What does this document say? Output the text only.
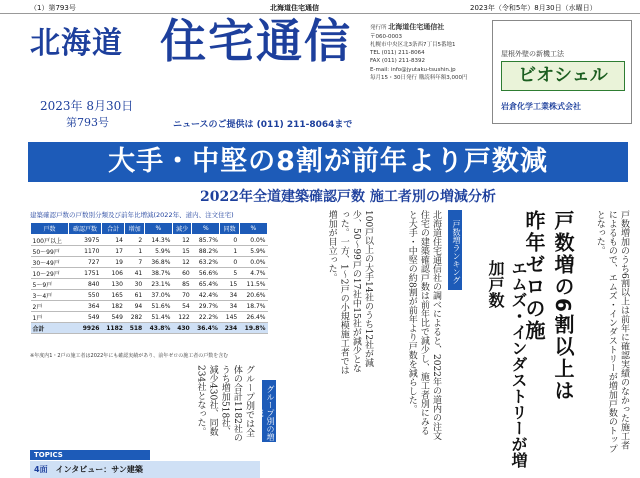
（1）第793号	北海道住宅通信	2023年（令和5年）8月30日（水曜日）
北海道 住宅通信
2023年 8月30日
第793号	ニュースのご提供は (011) 211-8064まで
発行所 北海道住宅通信社
〒060-0003
札幌市中央区北3条西7丁目5番地1
TEL (011) 211-8064
FAX (011) 211-8392
E-mail: info@jyutaku-tsushin.jp
毎月15・30日発行 購読料年額3,000円
屋根外壁の新機工法
ビオシェル
岩倉化学工業株式会社
大手・中堅の8割が前年より戸数減
2022年全道建築確認戸数 施工者別の増減分析
建築確認戸数の戸数別分類及び前年比増減(2022年、道内、注文住宅)
戸数	確認戸数	合計	増加	%	減少	%	同数	%
100戸以上	3975	14	2	14.3%	12	85.7%	0	0.0%
50〜99戸	1170	17	1	5.9%	15	88.2%	1	5.9%
30〜49戸	727	19	7	36.8%	12	63.2%	0	0.0%
10〜29戸	1751	106	41	38.7%	60	56.6%	5	4.7%
5〜9戸	840	130	30	23.1%	85	65.4%	15	11.5%
3〜4戸	550	165	61	37.0%	70	42.4%	34	20.6%
2戸	364	182	94	51.6%	54	29.7%	34	18.7%
1戸	549	549	282	51.4%	122	22.2%	145	26.4%
合計	9926	1182	518	43.8%	430	36.4%	234	19.8%
※年度内1・2戸の施工者は2022年にも確認実績があり、前年ゼロの施工者の戸数を含む	北海道住宅通信社の調べによると、2022年の道内の注文住宅の建築確認戸数は前年比で減少し、施工者別にみると大手・中堅の約8割が前年より戸数を減らした。
100戸以上の大手14社のうち12社が減少、50〜99戸の17社中15社が減少となった。一方、1〜2戸の小規模施工者では増加が目立った。	戸数増加のうち6割以上は前年に確認実績のなかった施工者によるもので、エムズ・インダストリーが増加戸数のトップとなった。
グループ別では全体の合計1182社のうち増加518社、減少430社、同数234社となった。
戸数増ランキング
グループ別の増減
戸数増の6割以上は昨年ゼロの施
エムズ・インダストリーが増加戸数
TOPICS
4面 インタビュー：サン建築
